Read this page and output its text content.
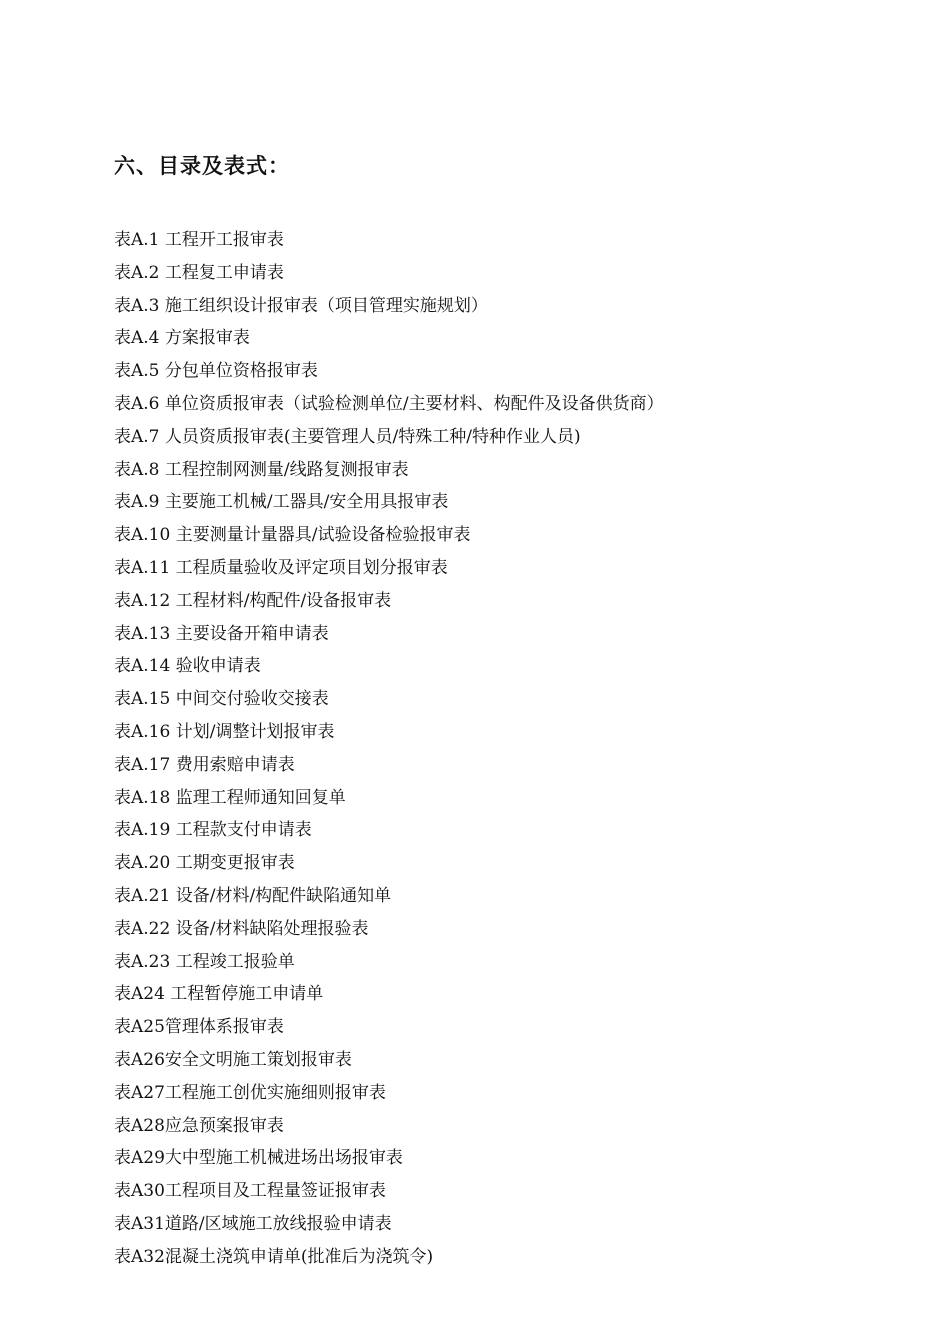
六、目录及表式：
表A.1 工程开工报审表
表A.2 工程复工申请表
表A.3 施工组织设计报审表（项目管理实施规划）
表A.4 方案报审表
表A.5 分包单位资格报审表
表A.6 单位资质报审表（试验检测单位/主要材料、构配件及设备供货商）
表A.7 人员资质报审表(主要管理人员/特殊工种/特种作业人员)
表A.8 工程控制网测量/线路复测报审表
表A.9 主要施工机械/工器具/安全用具报审表
表A.10 主要测量计量器具/试验设备检验报审表
表A.11 工程质量验收及评定项目划分报审表
表A.12 工程材料/构配件/设备报审表
表A.13 主要设备开箱申请表
表A.14 验收申请表
表A.15 中间交付验收交接表
表A.16 计划/调整计划报审表
表A.17 费用索赔申请表
表A.18 监理工程师通知回复单
表A.19 工程款支付申请表
表A.20 工期变更报审表
表A.21 设备/材料/构配件缺陷通知单
表A.22 设备/材料缺陷处理报验表
表A.23 工程竣工报验单
表A24 工程暂停施工申请单
表A25管理体系报审表
表A26安全文明施工策划报审表
表A27工程施工创优实施细则报审表
表A28应急预案报审表
表A29大中型施工机械进场出场报审表
表A30工程项目及工程量签证报审表
表A31道路/区域施工放线报验申请表
表A32混凝土浇筑申请单(批准后为浇筑令)
